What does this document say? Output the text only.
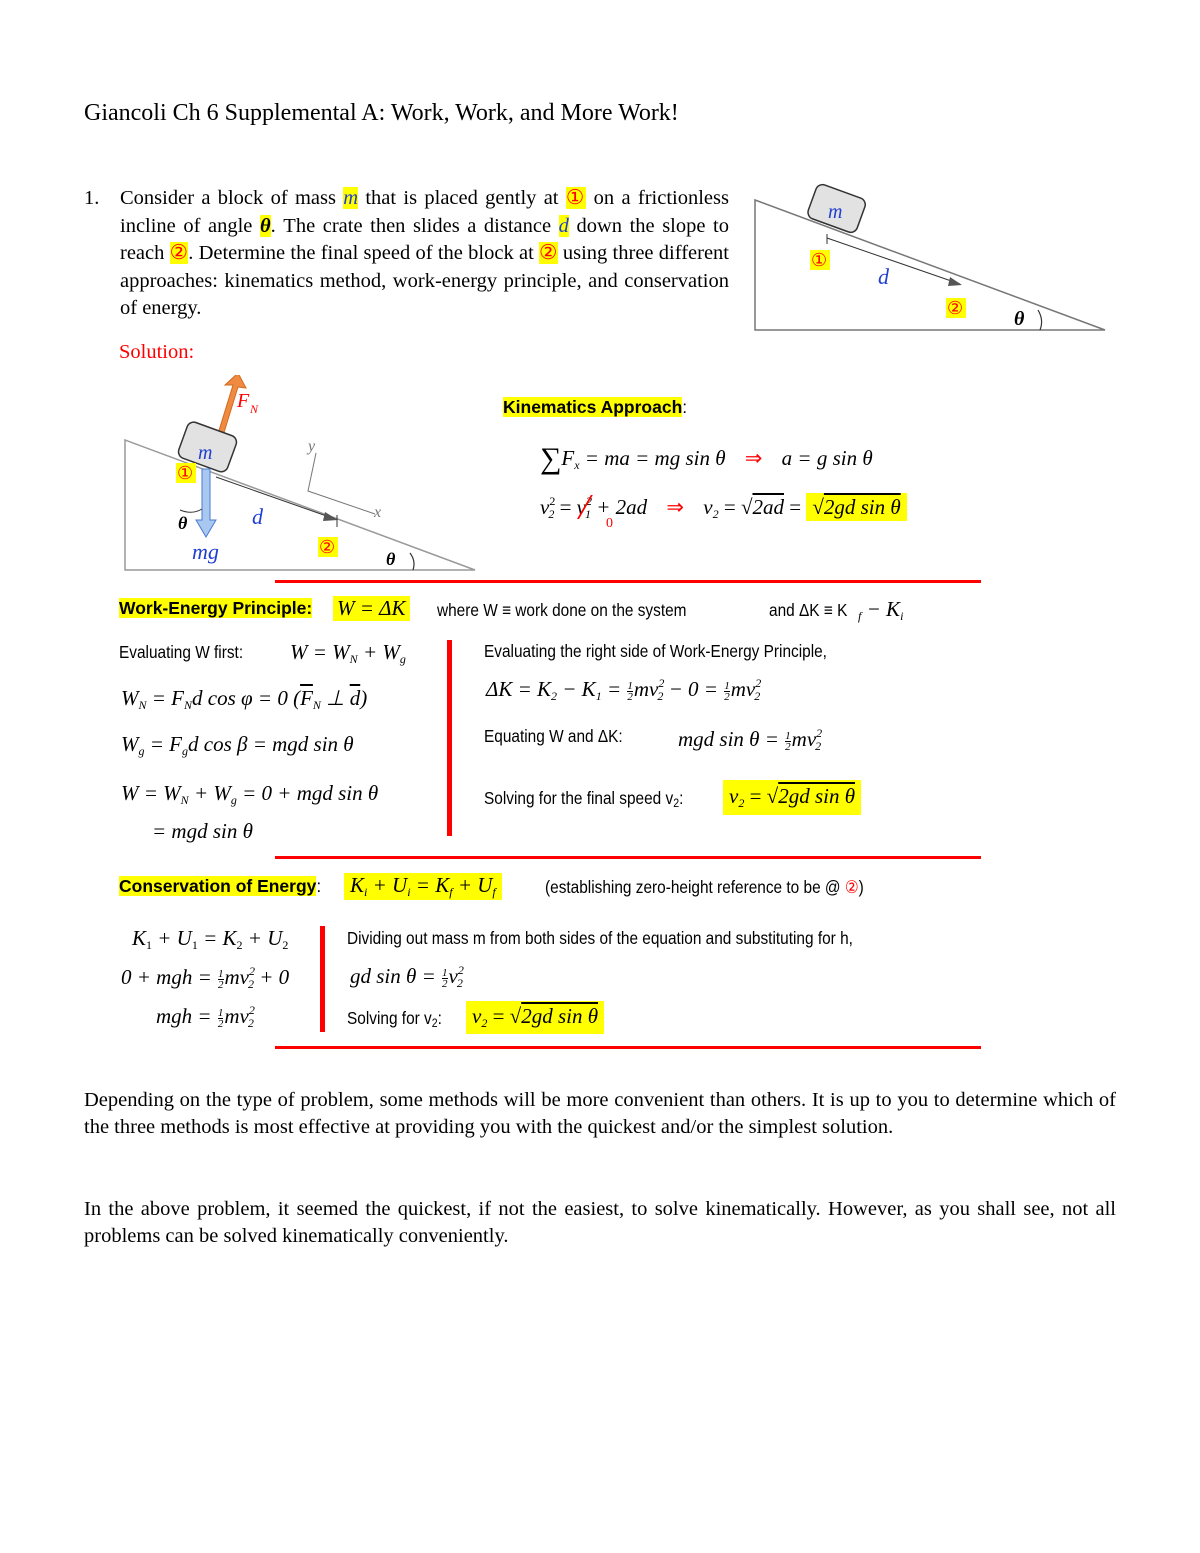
Giancoli Ch 6 Supplemental A: Work, Work, and More Work!
1. Consider a block of mass m that is placed gently at ① on a frictionless incline of angle θ. The crate then slides a distance d down the slope to reach ②. Determine the final speed of the block at ② using three different approaches: kinematics method, work-energy principle, and conservation of energy.
m
①
d
②	θ
Solution:
F N
m
mg
①
θ	d
②
θ
y
x
Kinematics Approach:
$\sum F_x$ = ma = mg sin θ ⇒ a = g sin θ
$v^2_2 = v^2_1$
+ 2ad
0
⇒ $v_2 = √2ad = √2gd$ sin θ
Work-Energy Principle:	W = ΔK where W ≡ work done on the system	and ΔK ≡ K $_f - K_i$
Evaluating W first: $W = W_N + W_g$
$W_N = F_Nd$ cos φ = 0 ($\overline{F}_N$ ⊥ $\overline{d}$)
$W_g = F_gd$ cos β = mgd sin θ
$W = W_N + W_g = 0$ + mgd sin θ
= mgd sin θ
Evaluating the right side of Work-Energy Principle,
$\Delta K = K_2 - K_1 = \frac{1}{2} mv^2_2 - 0 = \frac{1}{2} mv^2_2$
Equating W and ΔK:	mgd $\sin \theta = \frac{1}{2} mv^2_2$
Solving for the final speed v2:	$v_2 = √2gd$ sin θ
Conservation of Energy: $K_i + U_i = K_f + U_f$	(establishing zero-height reference to be @ ②)
$K_1 + U_1 = K_2 + U_2$
0 + mgh = $\frac{1}{2} mv^2_2 + 0$
mgh = $\frac{1}{2} mv^2_2$
Dividing out mass m from both sides of the equation and substituting for h,
gd $\sin \theta = \frac{1}{2} v^2_2$
Solving for v2:	$v_2 = √2gd$ sin θ
Depending on the type of problem, some methods will be more convenient than others. It is up to you to determine which of the three methods is most effective at providing you with the quickest and/or the simplest solution.
In the above problem, it seemed the quickest, if not the easiest, to solve kinematically. However, as you shall see, not all problems can be solved kinematically conveniently.
